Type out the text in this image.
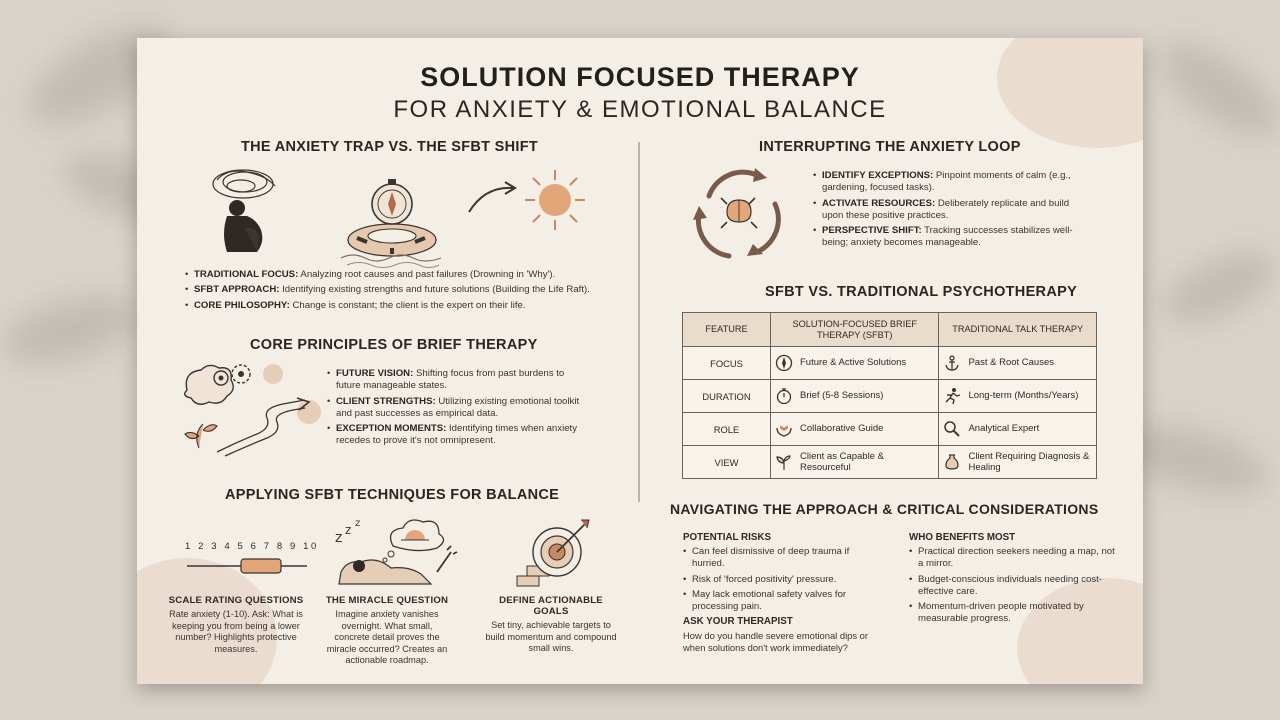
SOLUTION FOCUSED THERAPY
FOR ANXIETY & EMOTIONAL BALANCE
THE ANXIETY TRAP VS. THE SFBT SHIFT
• TRADITIONAL FOCUS: Analyzing root causes and past failures (Drowning in 'Why').
• SFBT APPROACH: Identifying existing strengths and future solutions (Building the Life Raft).
• CORE PHILOSOPHY: Change is constant; the client is the expert on their life.
CORE PRINCIPLES OF BRIEF THERAPY
• FUTURE VISION: Shifting focus from past burdens to future manageable states.
• CLIENT STRENGTHS: Utilizing existing emotional toolkit and past successes as empirical data.
• EXCEPTION MOMENTS: Identifying times when anxiety recedes to prove it's not omnipresent.
APPLYING SFBT TECHNIQUES FOR BALANCE
1 2 3 4 5 6 7 8 9 10
z z z
SCALE RATING QUESTIONS
Rate anxiety (1-10). Ask: What is keeping you from being a lower number? Highlights protective measures.
THE MIRACLE QUESTION
Imagine anxiety vanishes overnight. What small, concrete detail proves the miracle occurred? Creates an actionable roadmap.
DEFINE ACTIONABLE GOALS
Set tiny, achievable targets to build momentum and compound small wins.
INTERRUPTING THE ANXIETY LOOP
• IDENTIFY EXCEPTIONS: Pinpoint moments of calm (e.g., gardening, focused tasks).
• ACTIVATE RESOURCES: Deliberately replicate and build upon these positive practices.
• PERSPECTIVE SHIFT: Tracking successes stabilizes well-being; anxiety becomes manageable.
SFBT VS. TRADITIONAL PSYCHOTHERAPY
FEATURE	SOLUTION-FOCUSED BRIEF THERAPY (SFBT)	TRADITIONAL TALK THERAPY
FOCUS	Future & Active Solutions	Past & Root Causes

DURATION	Brief (5-8 Sessions)	Long-term (Months/Years)

ROLE	Collaborative Guide	Analytical Expert

VIEW	Client as Capable & Resourceful	Client Requiring Diagnosis & Healing
NAVIGATING THE APPROACH & CRITICAL CONSIDERATIONS
POTENTIAL RISKS
• Can feel dismissive of deep trauma if hurried.
• Risk of 'forced positivity' pressure.
• May lack emotional safety valves for processing pain.
ASK YOUR THERAPIST
How do you handle severe emotional dips or when solutions don't work immediately?
WHO BENEFITS MOST
• Practical direction seekers needing a map, not a mirror.
• Budget-conscious individuals needing cost-effective care.
• Momentum-driven people motivated by measurable progress.
